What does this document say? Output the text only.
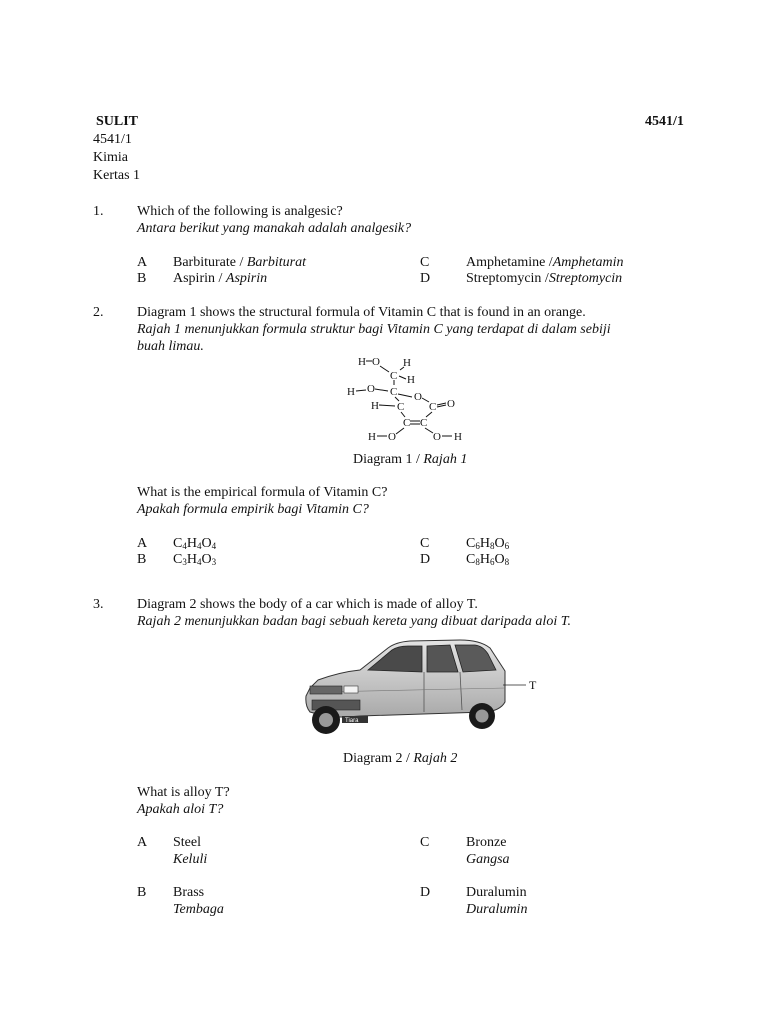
SULIT	4541/1
4541/1
Kimia
Kertas 1
1. Which of the following is analgesic?
Antara berikut yang manakah adalah analgesik?
A Barbiturate / Barbiturat
B Aspirin / Aspirin
C	Amphetamine /Amphetamin
D	Streptomycin /Streptomycin
2. Diagram 1 shows the structural formula of Vitamin C that is found in an orange.
Rajah 1 menunjukkan formula struktur bagi Vitamin C yang terdapat di dalam sebiji
buah limau.
H O H
C H
H O C O
H C C O
C C
H O	O H
Diagram 1 / Rajah 1
What is the empirical formula of Vitamin C?
Apakah formula empirik bagi Vitamin C?
A $C_4H_4O_4$
B $C_3H_4O_3$
C	$C_6H_8O_6$
D	$C_8H_6O_8$
3. Diagram 2 shows the body of a car which is made of alloy T.
Rajah 2 menunjukkan badan bagi sebuah kereta yang dibuat daripada aloi T.
Tiara
T
Diagram 2 / Rajah 2
What is alloy T?
Apakah aloi T?
A Steel
Keluli
C	Bronze
Gangsa
B Brass
Tembaga
D	Duralumin
Duralumin
